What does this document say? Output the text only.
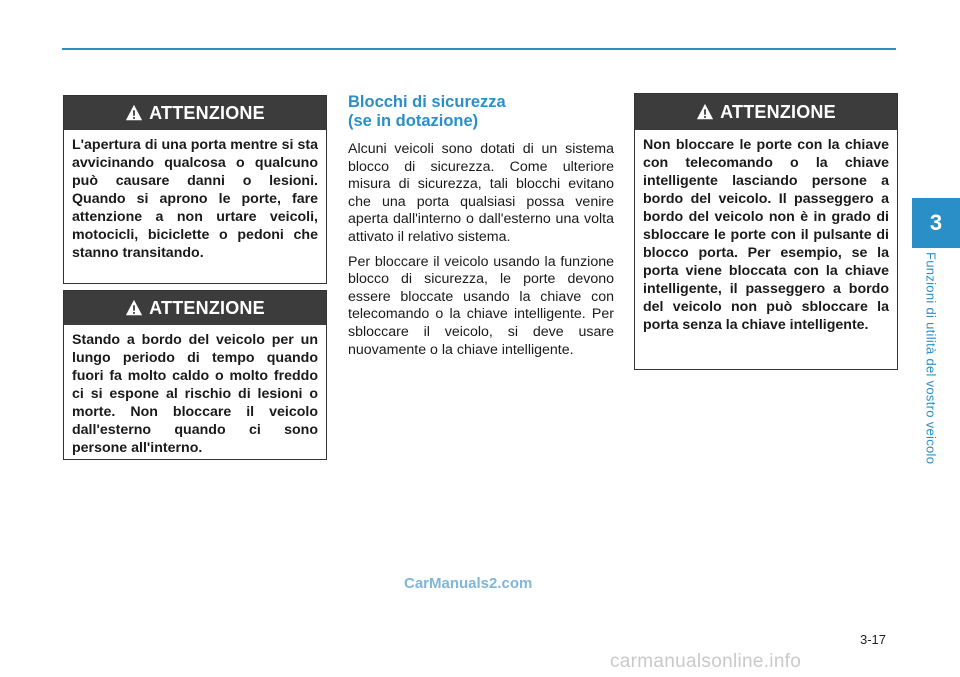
ATTENZIONE
L'apertura di una porta mentre si sta avvicinando qualcosa o qualcuno può causare danni o lesioni. Quando si aprono le porte, fare attenzione a non urtare veicoli, motocicli, biciclette o pedoni che stanno transitando.
ATTENZIONE
Stando a bordo del veicolo per un lungo periodo di tempo quando fuori fa molto caldo o molto freddo ci si espone al rischio di lesioni o morte. Non bloccare il veicolo dall'esterno quando ci sono persone all'interno.
Blocchi di sicurezza
(se in dotazione)

Alcuni veicoli sono dotati di un sistema blocco di sicurezza. Come ulteriore misura di sicurezza, tali blocchi evitano che una porta qualsiasi possa venire aperta dall'interno o dall'esterno una volta attivato il relativo sistema.

Per bloccare il veicolo usando la funzione blocco di sicurezza, le porte devono essere bloccate usando la chiave con telecomando o la chiave intelligente. Per sbloccare il veicolo, si deve usare nuovamente o la chiave intelligente.

ATTENZIONE
Non bloccare le porte con la chiave con telecomando o la chiave intelligente lasciando persone a bordo del veicolo. Il passeggero a bordo del veicolo non è in grado di sbloccare le porte con il pulsante di blocco porta. Per esempio, se la porta viene bloccata con la chiave intelligente, il passeggero a bordo del veicolo non può sbloccare la porta senza la chiave intelligente.
3
Funzioni di utilità del vostro veicolo
CarManuals2.com
3-17
carmanualsonline.info
